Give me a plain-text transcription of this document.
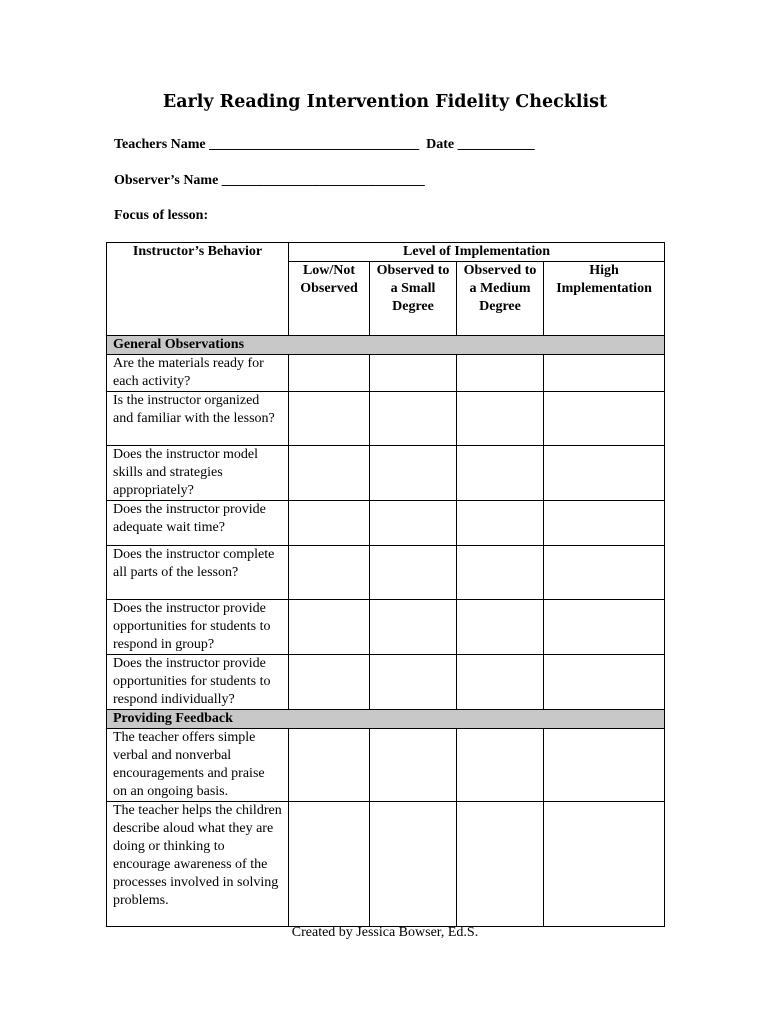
Early Reading Intervention Fidelity Checklist
Teachers Name ______________________________  Date ___________
Observer’s Name _____________________________
Focus of lesson:
Instructor’s Behavior	Level of Implementation			
	Low/Not Observed	Observed to a Small Degree	Observed to a Medium Degree	High Implementation
General Observations				
Are the materials ready for each activity?				
Is the instructor organized and familiar with the lesson?				
Does the instructor model skills and strategies appropriately?				
Does the instructor provide adequate wait time?				
Does the instructor complete all parts of the lesson?				
Does the instructor provide opportunities for students to respond in group?				
Does the instructor provide opportunities for students to respond individually?				
Providing Feedback				
The teacher offers simple verbal and nonverbal encouragements and praise on an ongoing basis.				
The teacher helps the children describe aloud what they are doing or thinking to encourage awareness of the processes involved in solving problems.				
Created by Jessica Bowser, Ed.S.
